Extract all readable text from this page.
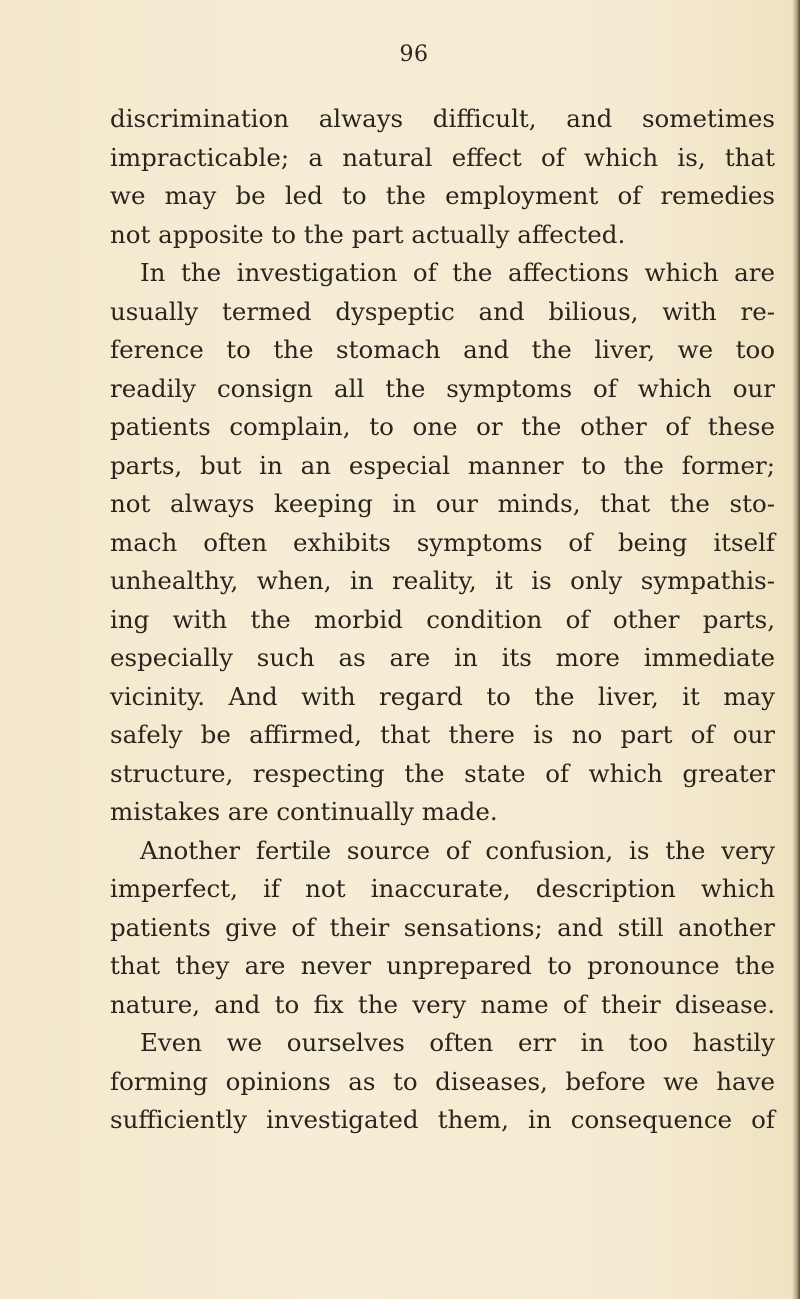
96
discrimination always difficult, and sometimes
impracticable; a natural effect of which is, that
we may be led to the employment of remedies
not apposite to the part actually affected.
In the investigation of the affections which are
usually termed dyspeptic and bilious, with re-
ference to the stomach and the liver, we too
readily consign all the symptoms of which our
patients complain, to one or the other of these
parts, but in an especial manner to the former;
not always keeping in our minds, that the sto-
mach often exhibits symptoms of being itself
unhealthy, when, in reality, it is only sympathis-
ing with the morbid condition of other parts,
especially such as are in its more immediate
vicinity. And with regard to the liver, it may
safely be affirmed, that there is no part of our
structure, respecting the state of which greater
mistakes are continually made.
Another fertile source of confusion, is the very
imperfect, if not inaccurate, description which
patients give of their sensations; and still another
that they are never unprepared to pronounce the
nature, and to fix the very name of their disease.
Even we ourselves often err in too hastily
forming opinions as to diseases, before we have
sufficiently investigated them, in consequence of
